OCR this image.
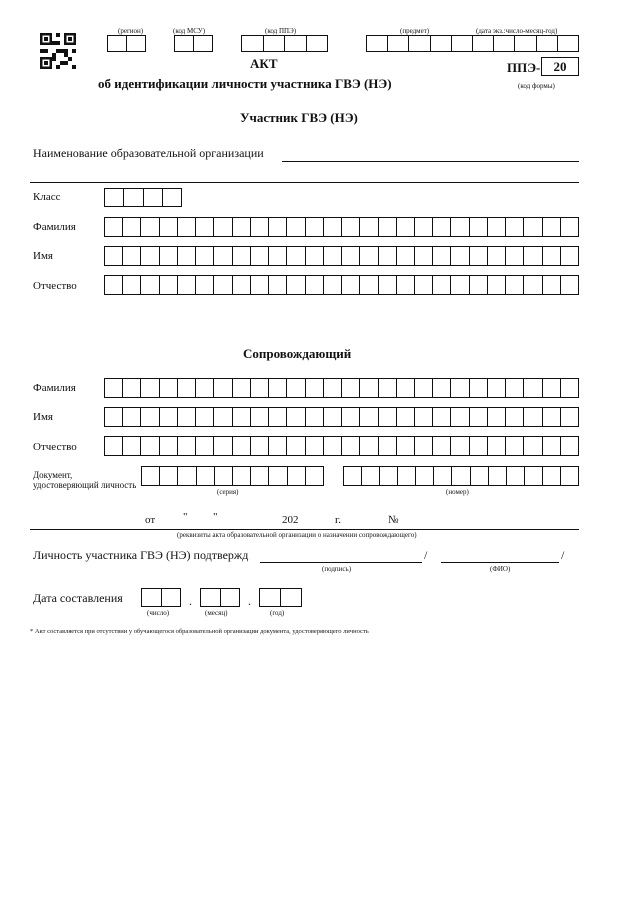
(регион)	(код МСУ)	(код ППЭ)	(предмет)	(дата экз.:число-месяц-год)
АКТ
об идентификации личности участника ГВЭ (НЭ)
ППЭ-	20
(код формы)
Участник ГВЭ (НЭ)
Наименование образовательной организации
Класс
Фамилия
Имя
Отчество
Сопровождающий
Фамилия
Имя
Отчество
Документ,
удостоверяющий личность
(серия)	(номер)
от	" "	202	г.	№
(реквизиты акта образовательной организации о назначении сопровождающего)
Личность участника ГВЭ (НЭ) подтвержд	/	/
(подпись)	(ФИО)
Дата составления	.	.
(число)	(месяц)	(год)
* Акт составляется при отсутствии у обучающегося образовательной организации документа, удостоверяющего личность
